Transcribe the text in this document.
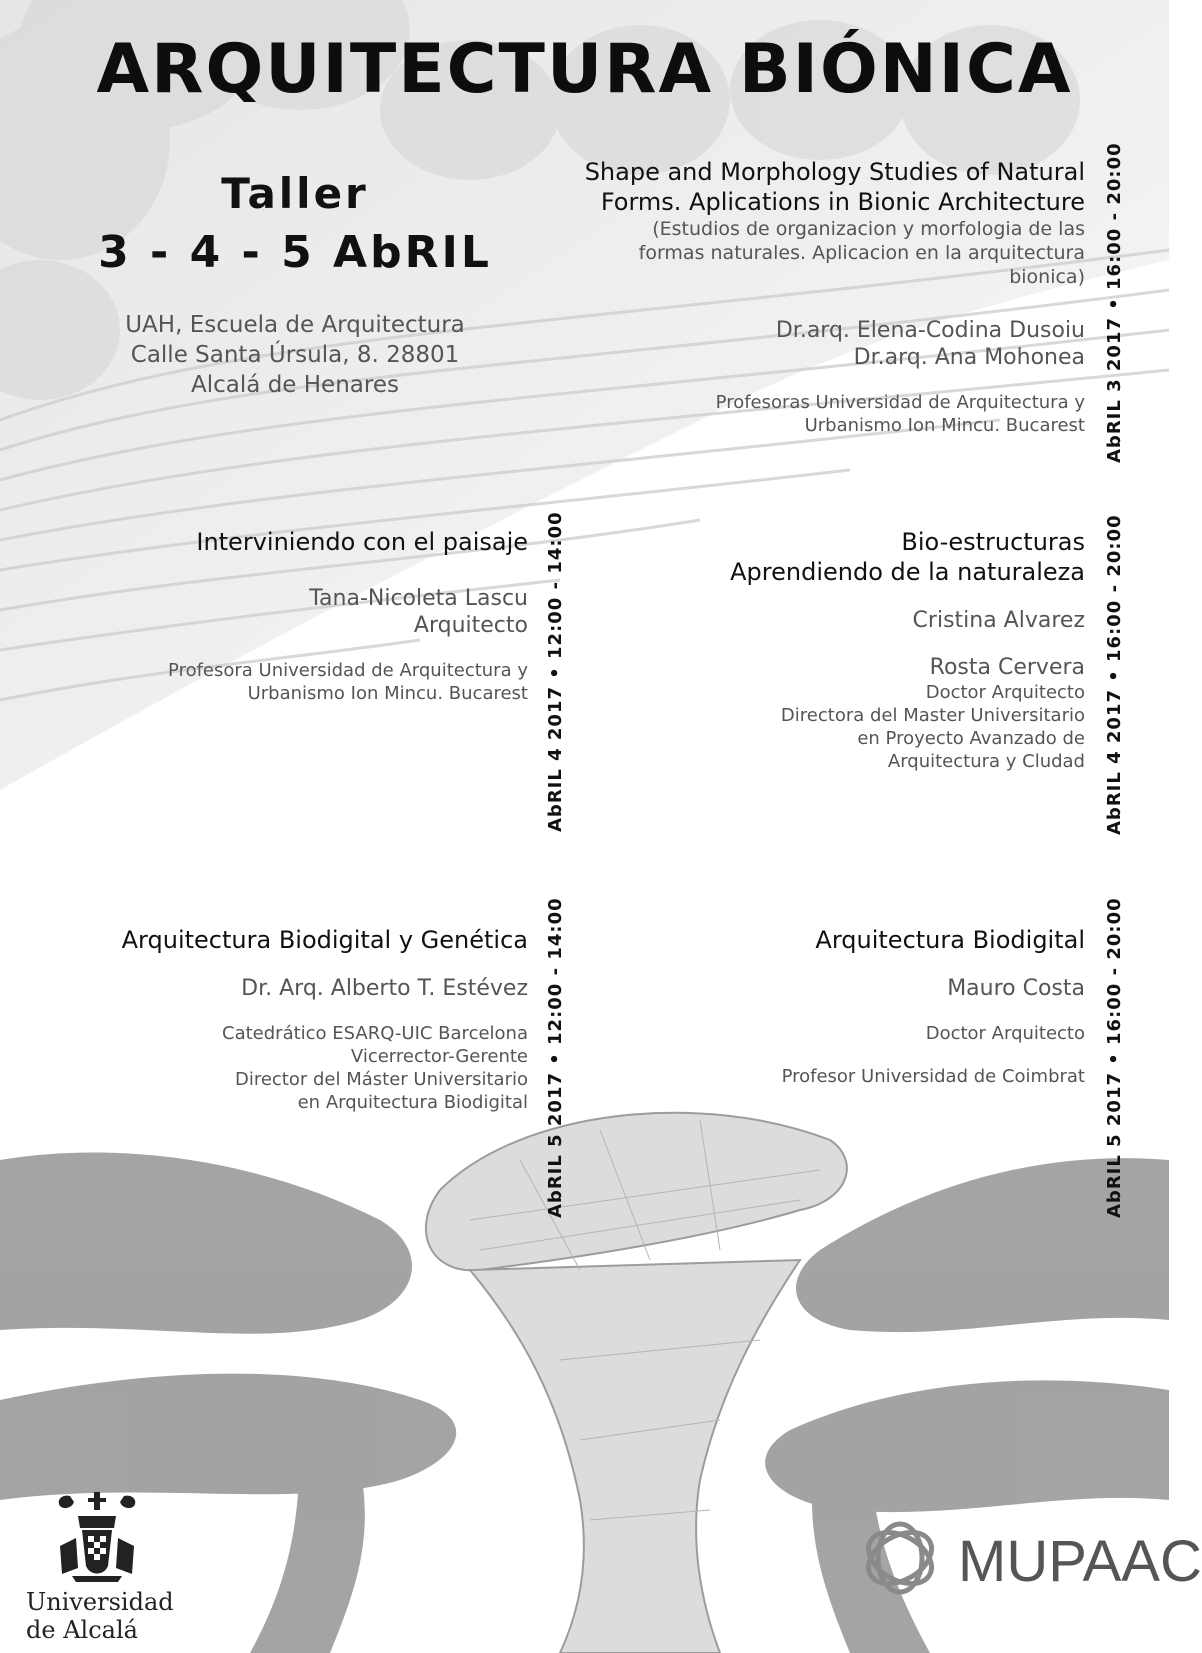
ARQUITECTURA BIÓNICA
Taller
3 - 4 - 5 AbRIL
UAH, Escuela de Arquitectura
Calle Santa Úrsula, 8. 28801
Alcalá de Henares
Shape and Morphology Studies of Natural
Forms. Aplications in Bionic Architecture
(Estudios de organizacion y morfologia de las
formas naturales. Aplicacion en la arquitectura
bionica)
Dr.arq. Elena-Codina Dusoiu
Dr.arq. Ana Mohonea
Profesoras Universidad de Arquitectura y
Urbanismo Ion Mincu. Bucarest AbRIL 3 2017 • 16:00 - 20:00
Interviniendo con el paisaje
Tana-Nicoleta Lascu
Arquitecto
Profesora Universidad de Arquitectura y
Urbanismo Ion Mincu. Bucarest AbRIL 4 2017 • 12:00 - 14:00	Bio-estructuras
Aprendiendo de la naturaleza
Cristina Alvarez
Rosta Cervera
Doctor Arquitecto
Directora del Master Universitario
en Proyecto Avanzado de
Arquitectura y Cludad AbRIL 4 2017 • 16:00 - 20:00
Arquitectura Biodigital y Genética
Dr. Arq. Alberto T. Estévez
Catedrático ESARQ-UIC Barcelona
Vicerrector-Gerente
Director del Máster Universitario
en Arquitectura Biodigital AbRIL 5 2017 • 12:00 - 14:00	Arquitectura Biodigital
Mauro Costa
Doctor Arquitecto
Profesor Universidad de Coimbrat AbRIL 5 2017 • 16:00 - 20:00
Universidad
de Alcalá
MUPAAC
